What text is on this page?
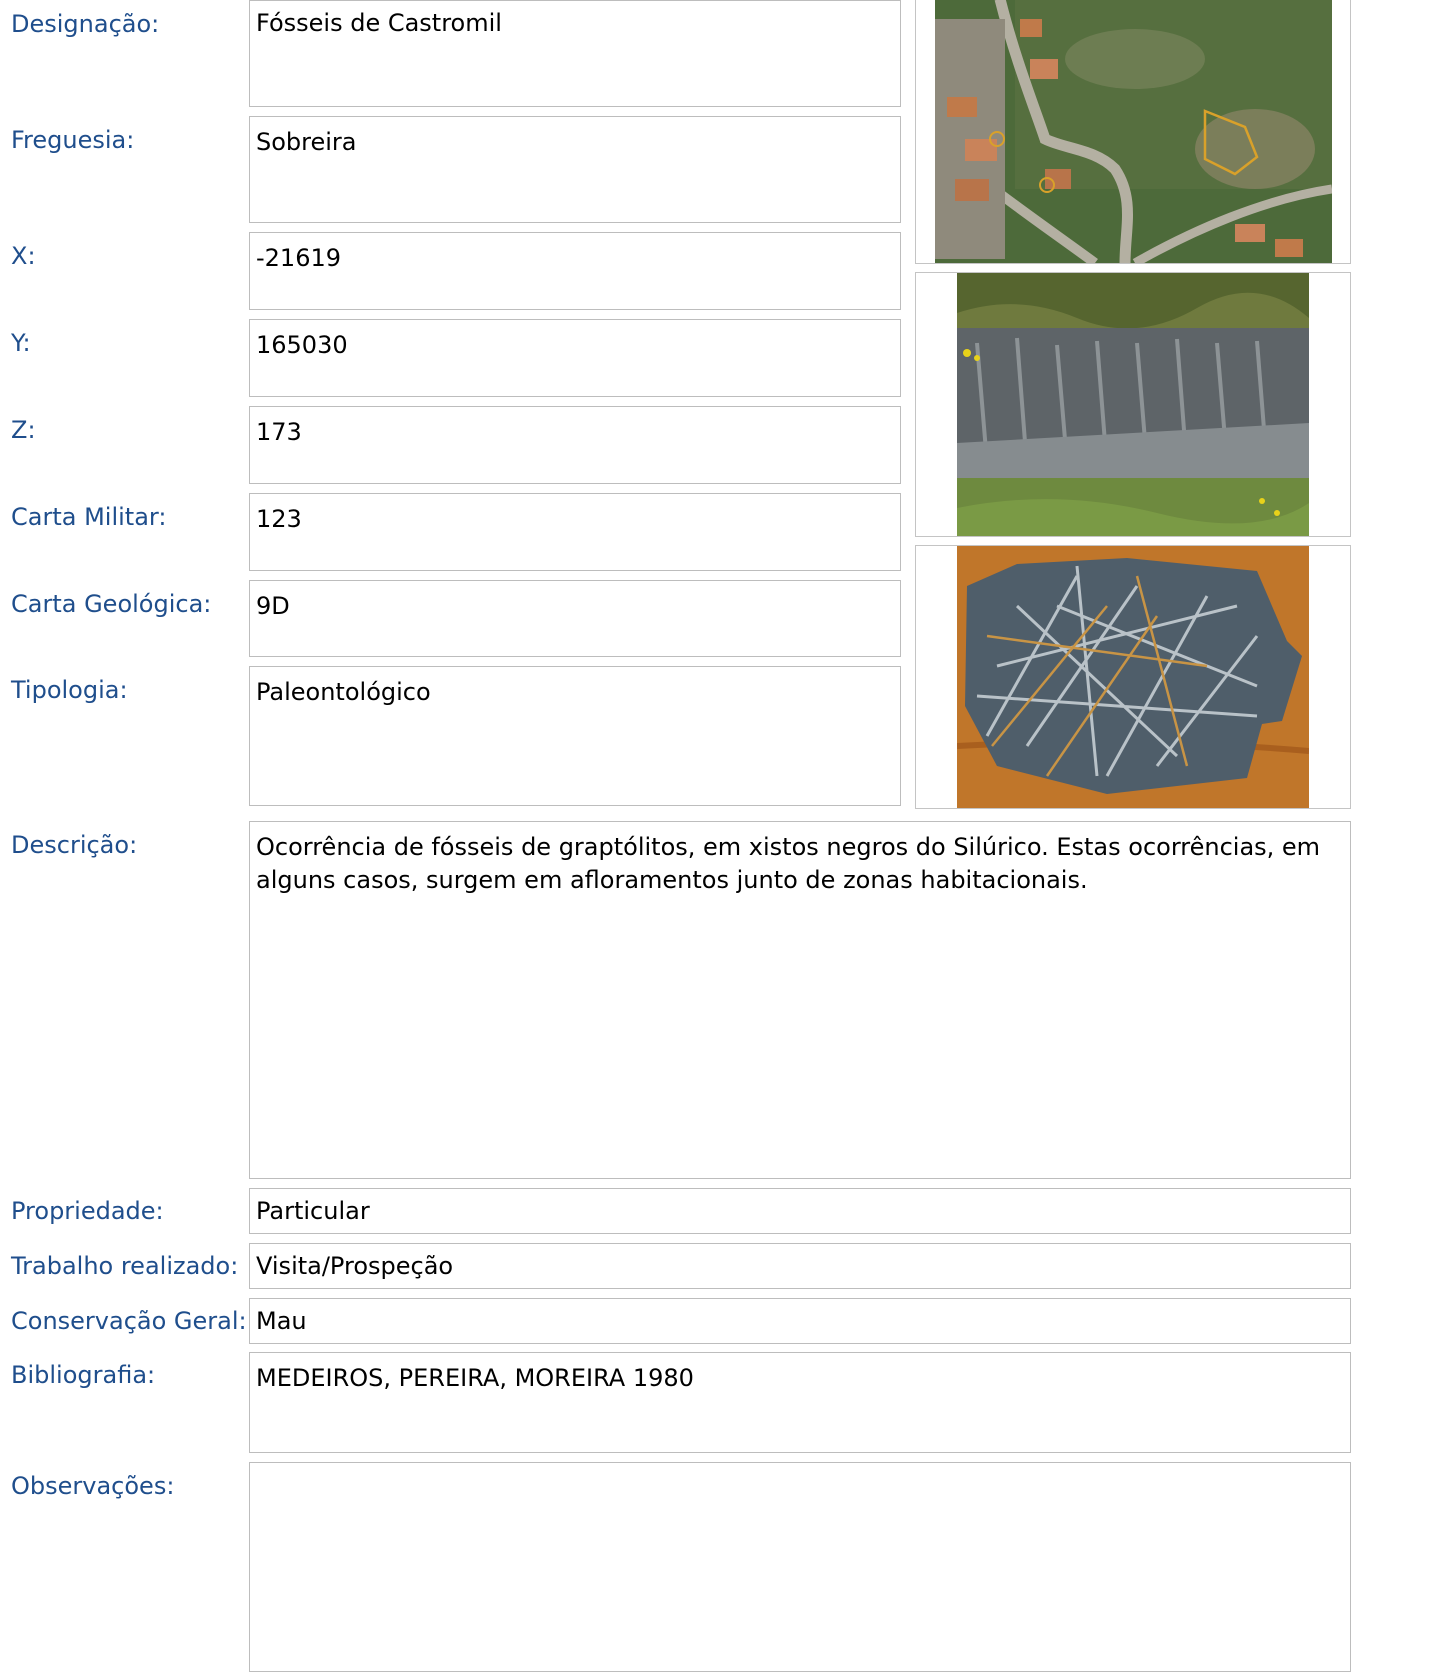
Designação:
Freguesia:
X:
Y:
Z:
Carta Militar:
Carta Geológica:
Tipologia:
Descrição:
Propriedade:
Trabalho realizado:
Conservação Geral:
Bibliografia:
Observações:
Fósseis de Castromil
Sobreira
-21619
165030
173
123
9D
Paleontológico
Ocorrência de fósseis de graptólitos, em xistos negros do Silúrico. Estas ocorrências, em alguns casos, surgem em afloramentos junto de zonas habitacionais.
Particular
Visita/Prospeção
Mau
MEDEIROS, PEREIRA, MOREIRA 1980
